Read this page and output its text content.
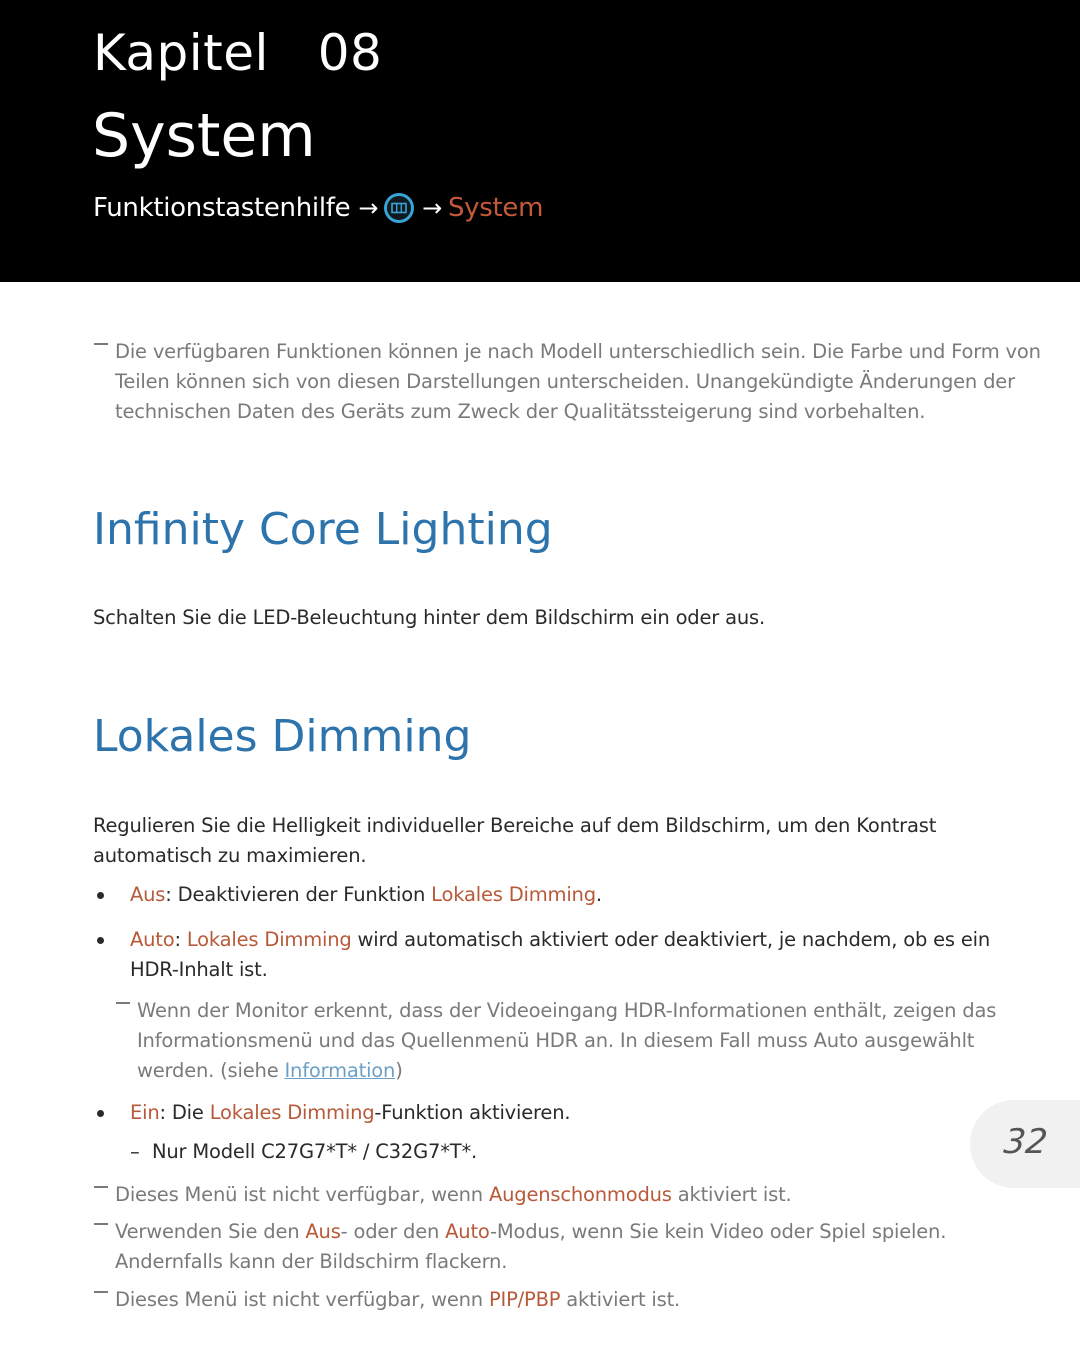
Kapitel  08
System
Funktionstastenhilfe → → System
Die verfügbaren Funktionen können je nach Modell unterschiedlich sein. Die Farbe und Form von Teilen können sich von diesen Darstellungen unterscheiden. Unangekündigte Änderungen der technischen Daten des Geräts zum Zweck der Qualitätssteigerung sind vorbehalten.
Infinity Core Lighting
Schalten Sie die LED-Beleuchtung hinter dem Bildschirm ein oder aus.
Lokales Dimming
Regulieren Sie die Helligkeit individueller Bereiche auf dem Bildschirm, um den Kontrast automatisch zu maximieren.
Aus: Deaktivieren der Funktion Lokales Dimming.
Auto: Lokales Dimming wird automatisch aktiviert oder deaktiviert, je nachdem, ob es ein HDR-Inhalt ist.
Wenn der Monitor erkennt, dass der Videoeingang HDR-Informationen enthält, zeigen das Informationsmenü und das Quellenmenü HDR an. In diesem Fall muss Auto ausgewählt werden. (siehe Information)
Ein: Die Lokales Dimming-Funktion aktivieren.
– Nur Modell C27G7*T* / C32G7*T*.
Dieses Menü ist nicht verfügbar, wenn Augenschonmodus aktiviert ist.
Verwenden Sie den Aus- oder den Auto-Modus, wenn Sie kein Video oder Spiel spielen. Andernfalls kann der Bildschirm flackern.
Dieses Menü ist nicht verfügbar, wenn PIP/PBP aktiviert ist.
32
